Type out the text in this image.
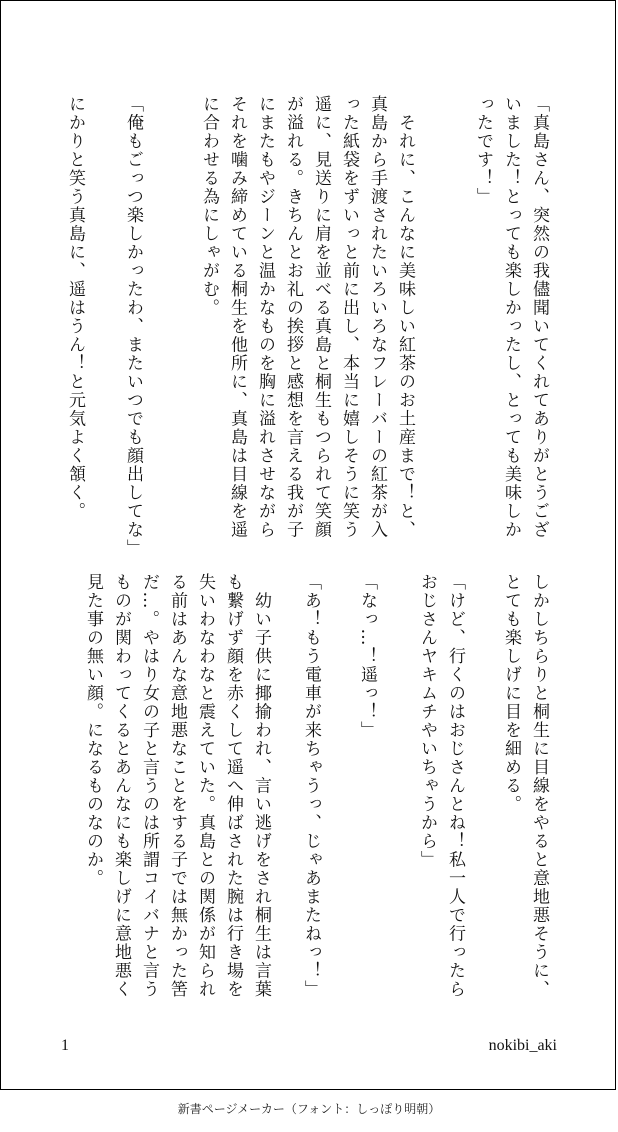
「真島さん、突然の我儘聞いてくれてありがとうございました！とっても楽しかったし、とっても美味しかったです！」
　それに、こんなに美味しい紅茶のお土産まで！と、真島から手渡されたいろいろなフレーバーの紅茶が入った紙袋をずいっと前に出し、本当に嬉しそうに笑う遥に、見送りに肩を並べる真島と桐生もつられて笑顔が溢れる。きちんとお礼の挨拶と感想を言える我が子にまたもやジーンと温かなものを胸に溢れさせながらそれを噛み締めている桐生を他所に、真島は目線を遥に合わせる為にしゃがむ。
「俺もごっつ楽しかったわ、またいつでも顔出してな」
にかりと笑う真島に、遥はうん！と元気よく頷く。
しかしちらりと桐生に目線をやると意地悪そうに、とても楽しげに目を細める。
「けど、行くのはおじさんとね！私一人で行ったらおじさんヤキムチやいちゃうから」
「なっ…！遥っ！」
「あ！もう電車が来ちゃうっ、じゃあまたねっ！」
　幼い子供に揶揄われ、言い逃げをされ桐生は言葉も繋げず顔を赤くして遥へ伸ばされた腕は行き場を失いわなわなと震えていた。真島との関係が知られる前はあんな意地悪なことをする子では無かった筈だ…。やはり女の子と言うのは所謂コイバナと言うものが関わってくるとあんなにも楽しげに意地悪く見た事の無い顔。になるものなのか。
1	nokibi_aki
新書ページメーカー（フォント：しっぽり明朝）
